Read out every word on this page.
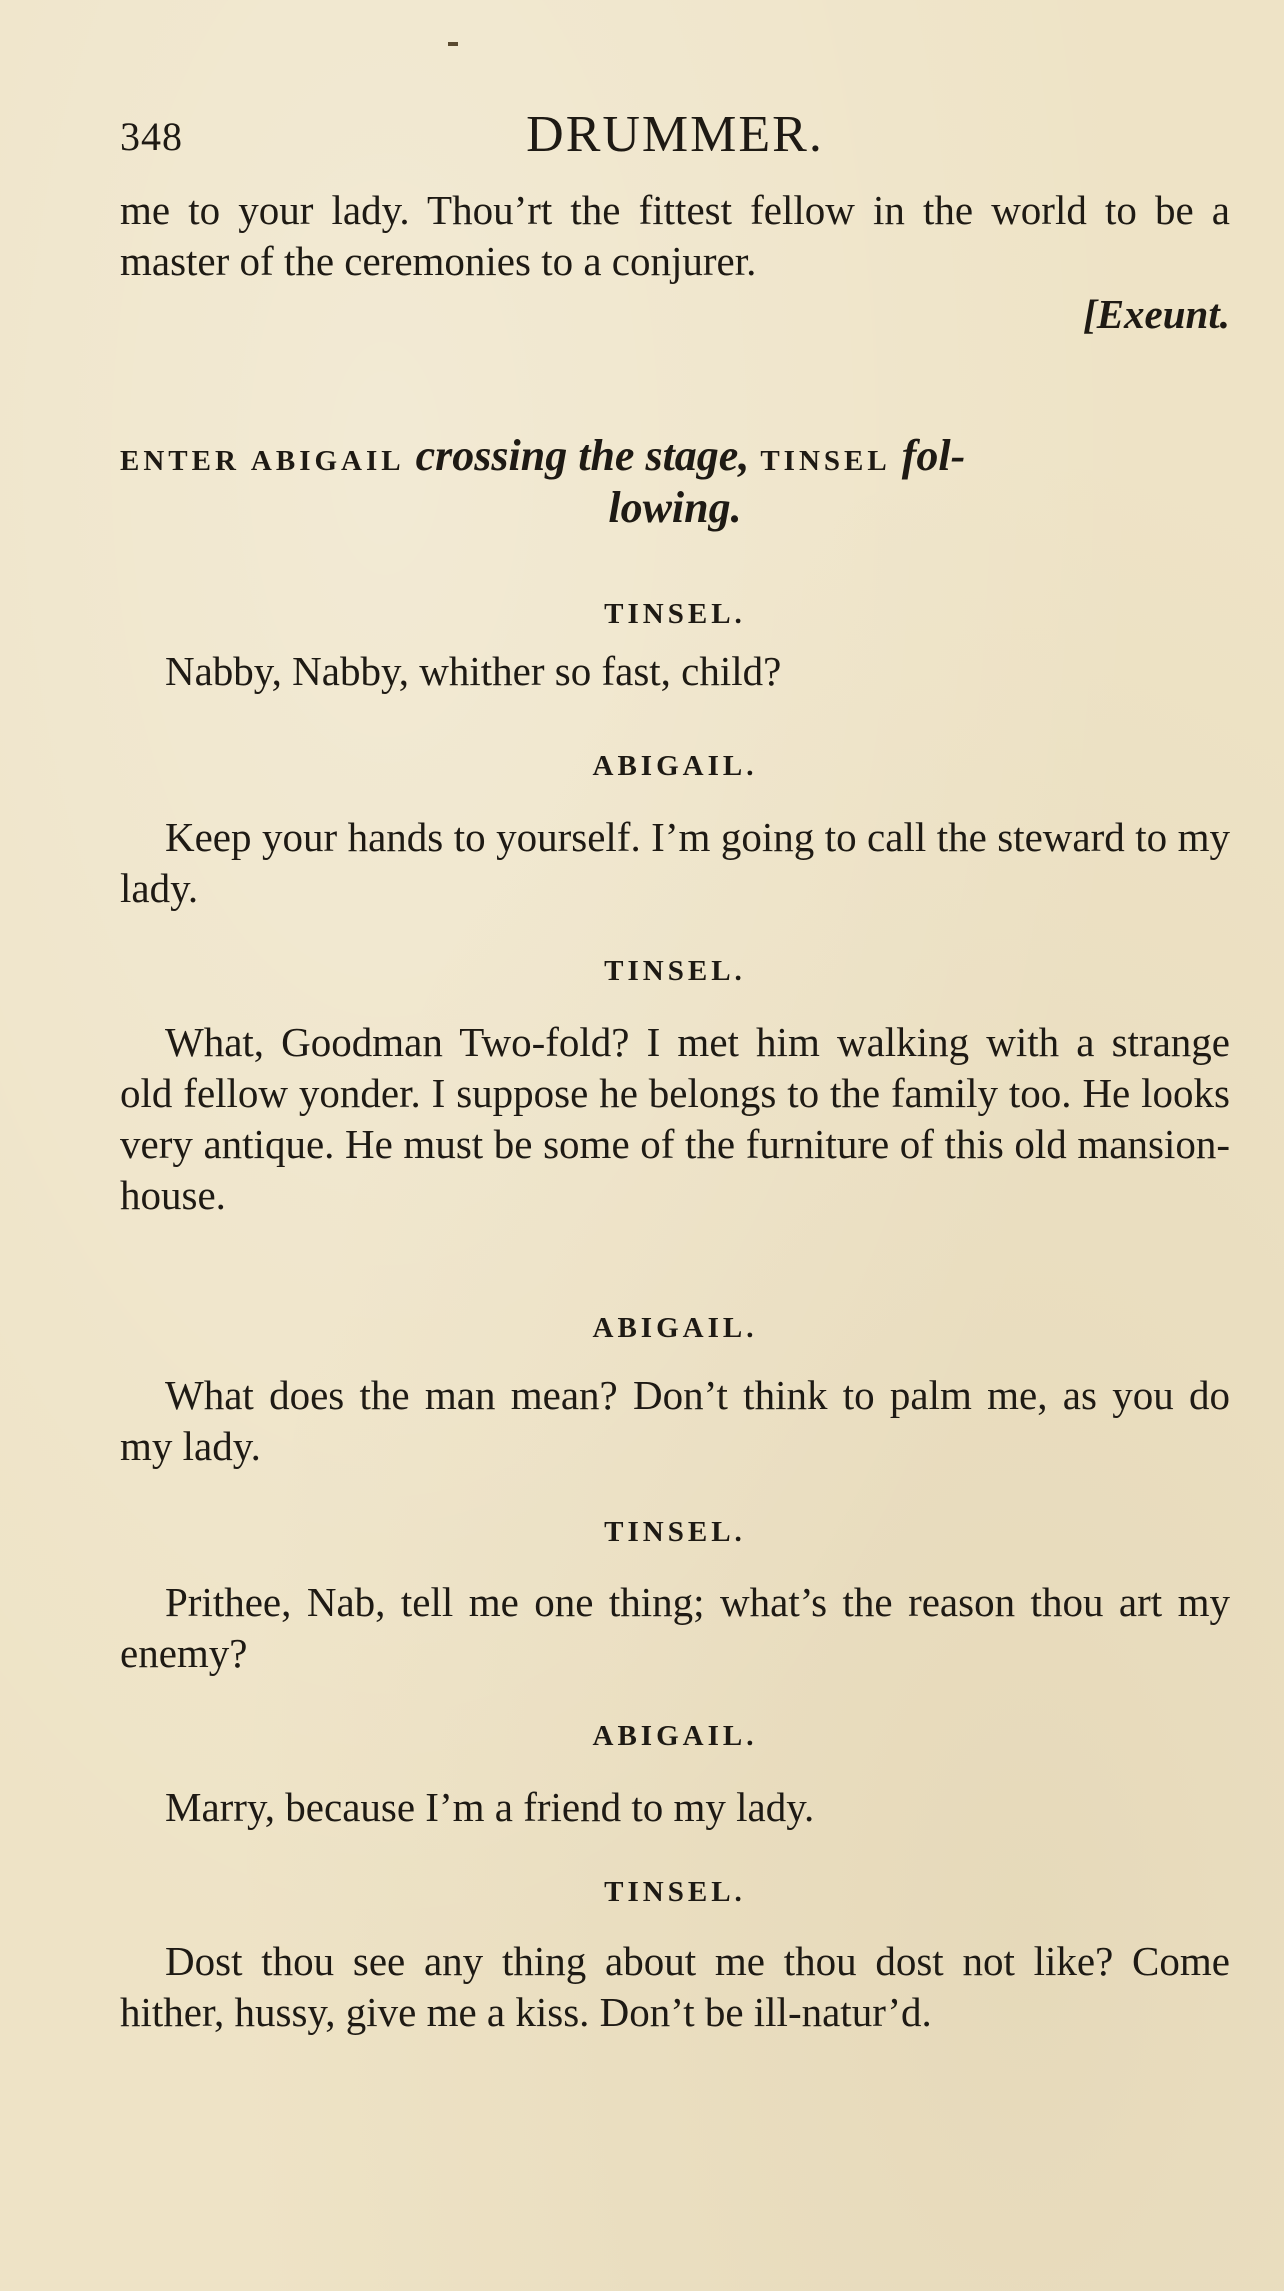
348	DRUMMER.
me to your lady. Thou’rt the fittest fellow in the world to be a master of the ceremonies to a conjurer.
[Exeunt.
ENTER ABIGAIL crossing the stage, TINSEL fol-
lowing.
TINSEL.
Nabby, Nabby, whither so fast, child?
ABIGAIL.
Keep your hands to yourself. I’m going to call the steward to my lady.
TINSEL.
What, Goodman Two-fold? I met him walking with a strange old fellow yonder. I suppose he belongs to the family too. He looks very antique. He must be some of the furniture of this old mansion-house.
ABIGAIL.
What does the man mean? Don’t think to palm me, as you do my lady.
TINSEL.
Prithee, Nab, tell me one thing; what’s the reason thou art my enemy?
ABIGAIL.
Marry, because I’m a friend to my lady.
TINSEL.
Dost thou see any thing about me thou dost not like? Come hither, hussy, give me a kiss. Don’t be ill-natur’d.
